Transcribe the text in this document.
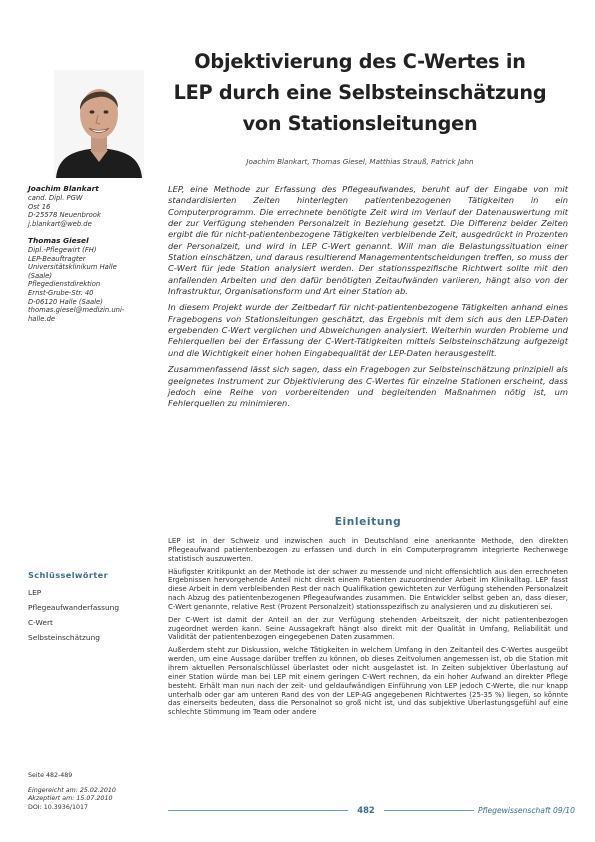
Objektivierung des C-Wertes in
LEP durch eine Selbsteinschätzung
von Stationsleitungen
Joachim Blankart, Thomas Giesel, Matthias Strauß, Patrick Jahn
Joachim Blankart
cand. Dipl. PGW
Ost 16
D-25578 Neuenbrook
j.blankart@web.de
Thomas Giesel
Dipl.-Pflegewirt (FH)
LEP-Beauftragter
Universitätsklinikum Halle
(Saale)
Pflegedienstdirektion
Ernst-Grube-Str. 40
D-06120 Halle (Saale)
thomas.giesel@medizin.uni-
halle.de

LEP, eine Methode zur Erfassung des Pflegeaufwandes, beruht auf der Eingabe von mit standardisierten Zeiten hinterlegten patientenbezogenen Tätigkeiten in ein Computerprogramm. Die errechnete benötigte Zeit wird im Verlauf der Datenauswertung mit der zur Verfügung stehenden Personalzeit in Beziehung gesetzt. Die Differenz beider Zeiten ergibt die für nicht-patientenbezogene Tätigkeiten verbleibende Zeit, ausgedrückt in Prozenten der Personalzeit, und wird in LEP C-Wert genannt. Will man die Belastungssituation einer Station einschätzen, und daraus resultierend Managemententscheidungen treffen, so muss der C-Wert für jede Station analysiert werden. Der stationsspezifische Richtwert sollte mit den anfallenden Arbeiten und den dafür benötigten Zeitaufwänden variieren, hängt also von der Infrastruktur, Organisationsform und Art einer Station ab.

In diesem Projekt wurde der Zeitbedarf für nicht-patientenbezogene Tätigkeiten anhand eines Fragebogens von Stationsleitungen geschätzt, das Ergebnis mit dem sich aus den LEP-Daten ergebenden C-Wert verglichen und Abweichungen analysiert. Weiterhin wurden Probleme und Fehlerquellen bei der Erfassung der C-Wert-Tätigkeiten mittels Selbsteinschätzung aufgezeigt und die Wichtigkeit einer hohen Eingabequalität der LEP-Daten herausgestellt.

Zusammenfassend lässt sich sagen, dass ein Fragebogen zur Selbsteinschätzung prinzipiell als geeignetes Instrument zur Objektivierung des C-Wertes für einzelne Stationen erscheint, dass jedoch eine Reihe von vorbereitenden und begleitenden Maßnahmen nötig ist, um Fehlerquellen zu minimieren.

Einleitung

LEP ist in der Schweiz und inzwischen auch in Deutschland eine anerkannte Methode, den direkten Pflegeaufwand patientenbezogen zu erfassen und durch in ein Computerprogramm integrierte Rechenwege statistisch auszuwerten.

Häufigster Kritikpunkt an der Methode ist der schwer zu messende und nicht offensichtlich aus den errechneten Ergebnissen hervorgehende Anteil nicht direkt einem Patienten zuzuordnender Arbeit im Klinikalltag. LEP fasst diese Arbeit in dem verbleibenden Rest der nach Qualifikation gewichteten zur Verfügung stehenden Personalzeit nach Abzug des patientenbezogenen Pflegeaufwandes zusammen. Die Entwickler selbst geben an, dass dieser, C-Wert genannte, relative Rest (Prozent Personalzeit) stationsspezifisch zu analysieren und zu diskutieren sei.

Der C-Wert ist damit der Anteil an der zur Verfügung stehenden Arbeitszeit, der nicht patientenbezogen zugeordnet werden kann. Seine Aussagekraft hängt also direkt mit der Qualität in Umfang, Reliabilität und Validität der patientenbezogen eingegebenen Daten zusammen.

Außerdem steht zur Diskussion, welche Tätigkeiten in welchem Umfang in den Zeitanteil des C-Wertes ausgeübt werden, um eine Aussage darüber treffen zu können, ob dieses Zeitvolumen angemessen ist, ob die Station mit ihrem aktuellen Personalschlüssel überlastet oder nicht ausgelastet ist. In Zeiten subjektiver Überlastung auf einer Station würde man bei LEP mit einem geringen C-Wert rechnen, da ein hoher Aufwand an direkter Pflege besteht. Erhält man nun nach der zeit- und geldaufwändigen Einführung von LEP jedoch C-Werte, die nur knapp unterhalb oder gar am unteren Rand des von der LEP-AG angegebenen Richtwertes (25-35 %) liegen, so könnte das einerseits bedeuten, dass die Personalnot so groß nicht ist, und das subjektive Überlastungsgefühl auf eine schlechte Stimmung im Team oder andere

Schlüsselwörter
LEP
Pflegeaufwanderfassung
C-Wert
Selbsteinschätzung
Seite 482-489
Eingereicht am: 25.02.2010
Akzeptiert am: 15.07.2010
DOI: 10.3936/1017	482	Pflegewissenschaft 09/10
